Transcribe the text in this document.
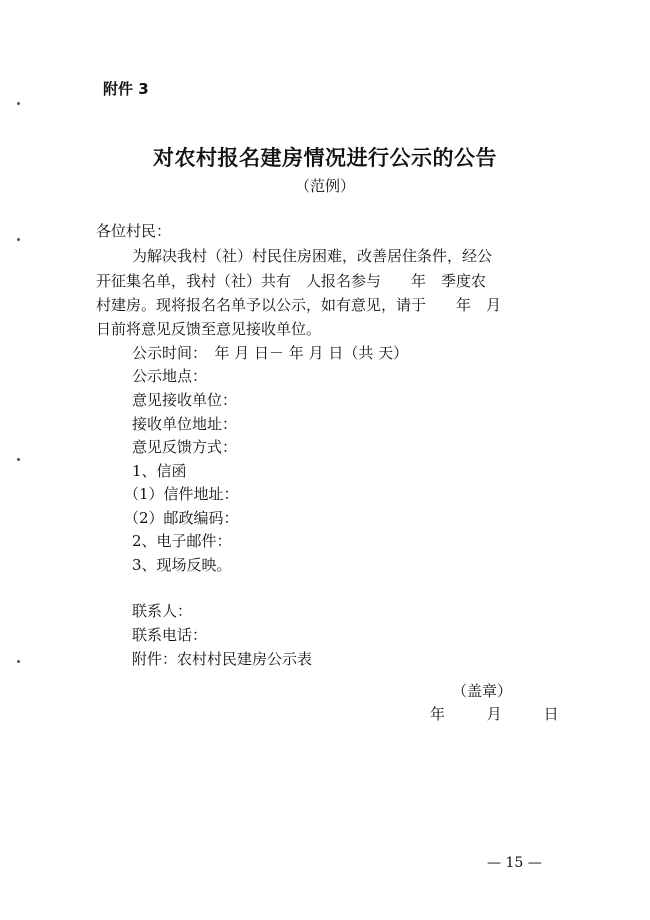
附件 3
对农村报名建房情况进行公示的公告
（范例）
各位村民：
为解决我村（社）村民住房困难，改善居住条件，经公
开征集名单，我村（社）共有　人报名参与　　年　季度农
村建房。现将报名名单予以公示，如有意见，请于　　年　月
日前将意见反馈至意见接收单位。
公示时间：　年 月 日－ 年 月 日（共 天）
公示地点：
意见接收单位：
接收单位地址：
意见反馈方式：
1、信函
（1）信件地址：
（2）邮政编码：
2、电子邮件：
3、现场反映。
联系人：
联系电话：
附件：农村村民建房公示表
（盖章）
年	月	日
— 15 —
